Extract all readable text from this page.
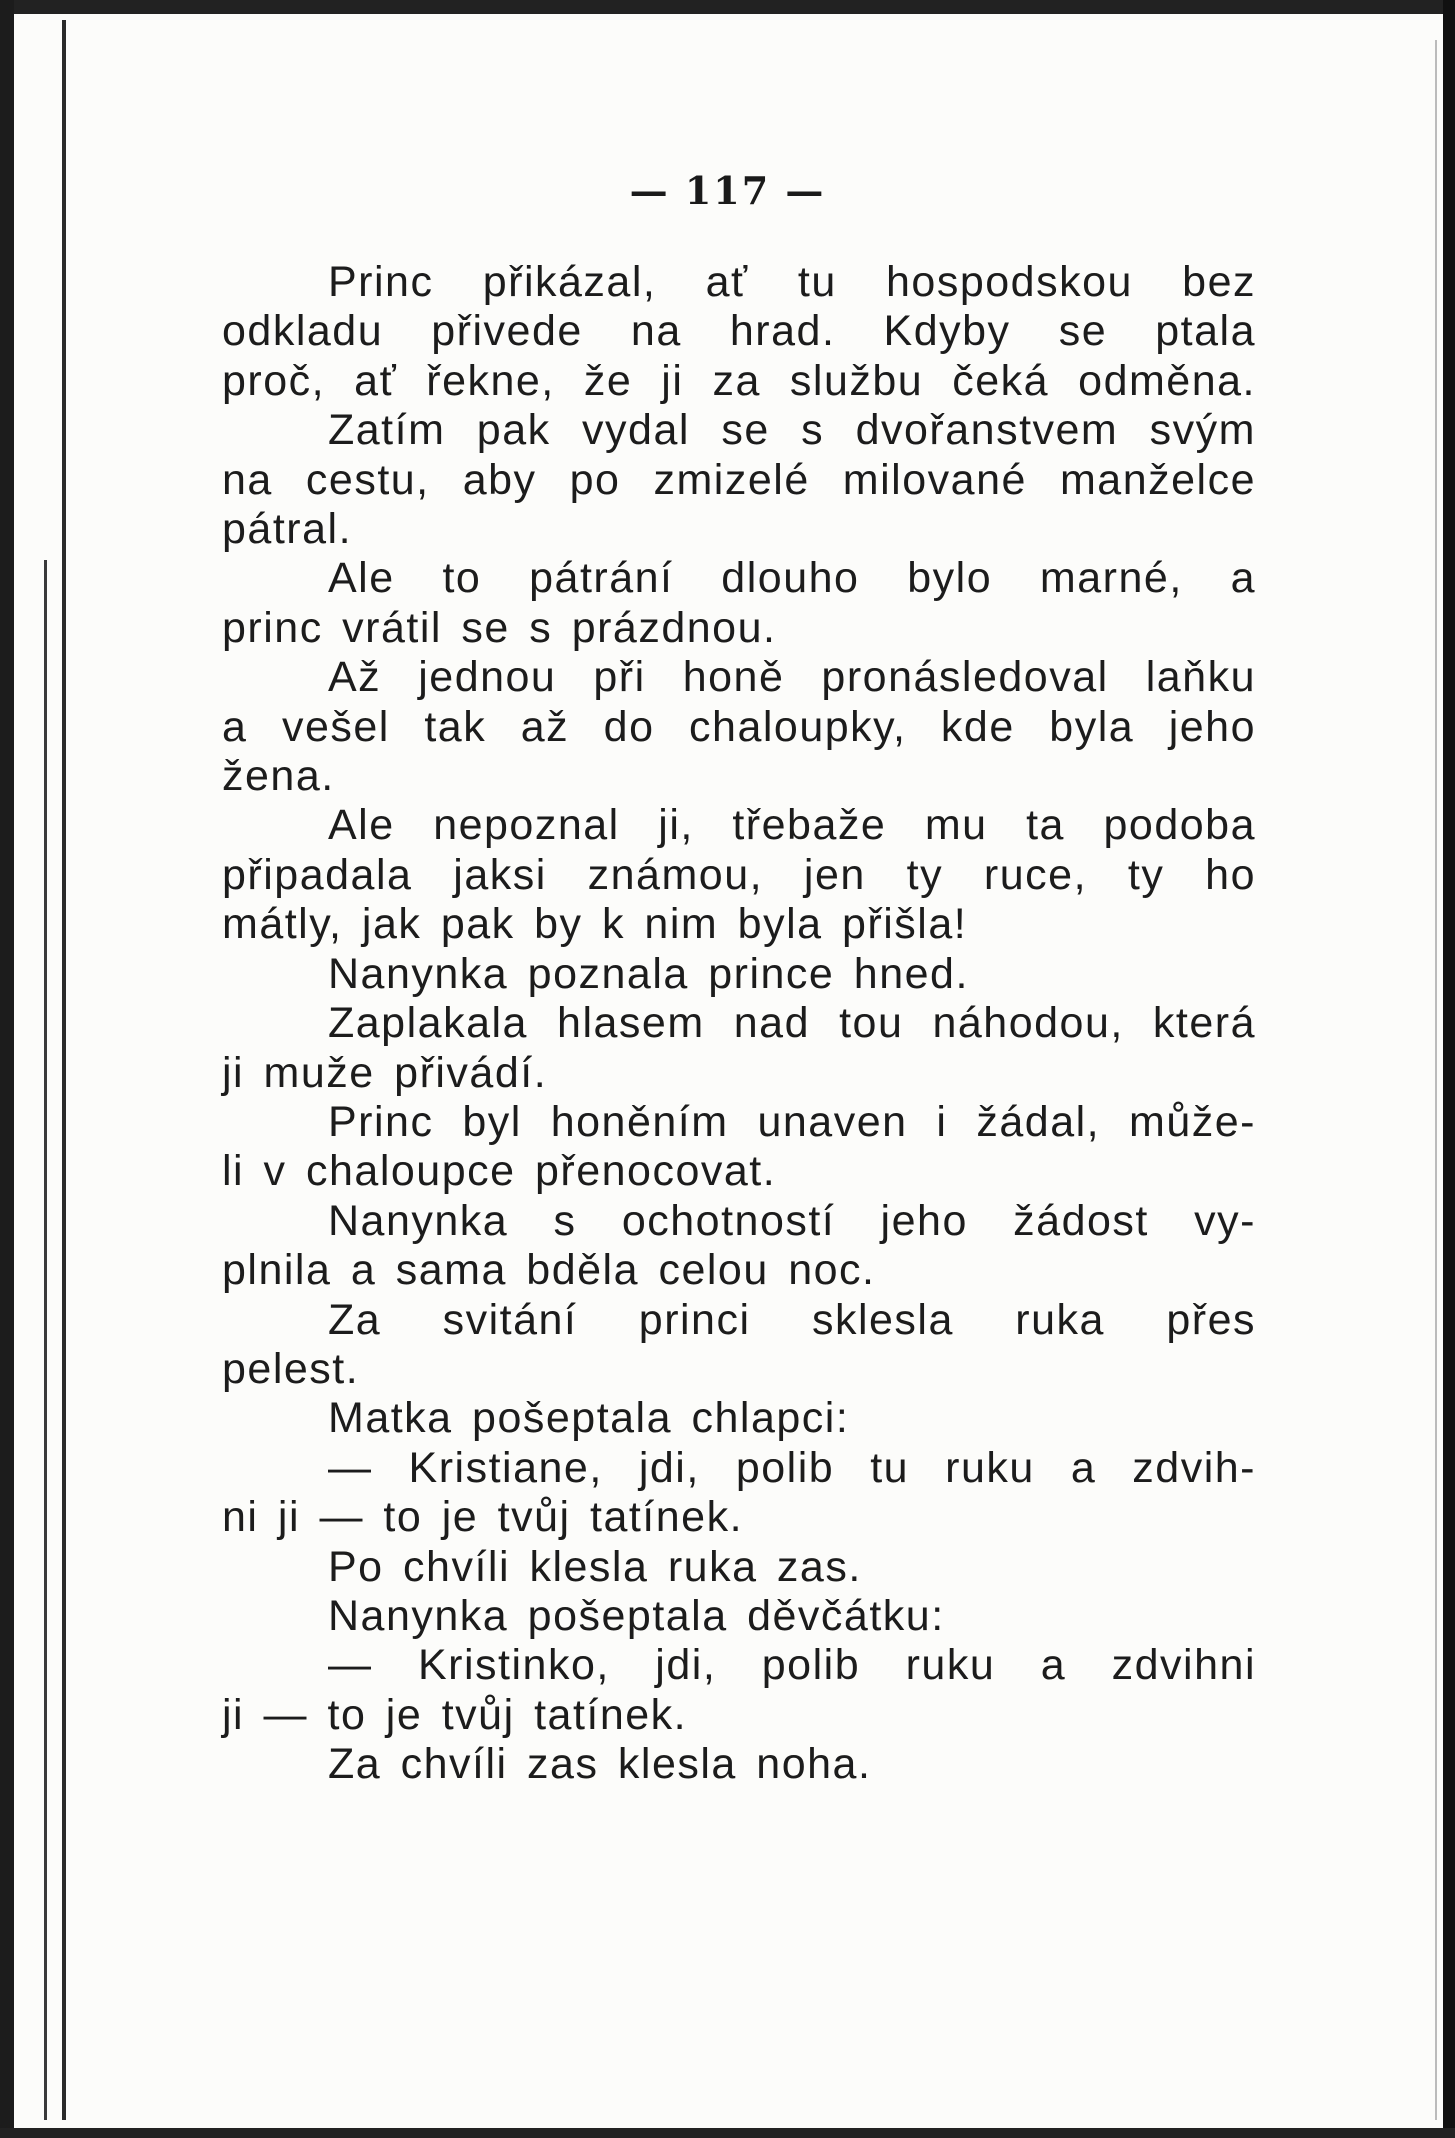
— 117 —
Princ přikázal, ať tu hospodskou bez
odkladu přivede na hrad. Kdyby se ptala
proč, ať řekne, že ji za službu čeká odměna.
Zatím pak vydal se s dvořanstvem svým
na cestu, aby po zmizelé milované manželce
pátral.
Ale to pátrání dlouho bylo marné, a
princ vrátil se s prázdnou.
Až jednou při honě pronásledoval laňku
a vešel tak až do chaloupky, kde byla jeho
žena.
Ale nepoznal ji, třebaže mu ta podoba
připadala jaksi známou, jen ty ruce, ty ho
mátly, jak pak by k nim byla přišla!
Nanynka poznala prince hned.
Zaplakala hlasem nad tou náhodou, která
ji muže přivádí.
Princ byl honěním unaven i žádal, může-
li v chaloupce přenocovat.
Nanynka s ochotností jeho žádost vy-
plnila a sama bděla celou noc.
Za svitání princi sklesla ruka přes
pelest.
Matka pošeptala chlapci:
— Kristiane, jdi, polib tu ruku a zdvih-
ni ji — to je tvůj tatínek.
Po chvíli klesla ruka zas.
Nanynka pošeptala děvčátku:
— Kristinko, jdi, polib ruku a zdvihni
ji — to je tvůj tatínek.
Za chvíli zas klesla noha.
